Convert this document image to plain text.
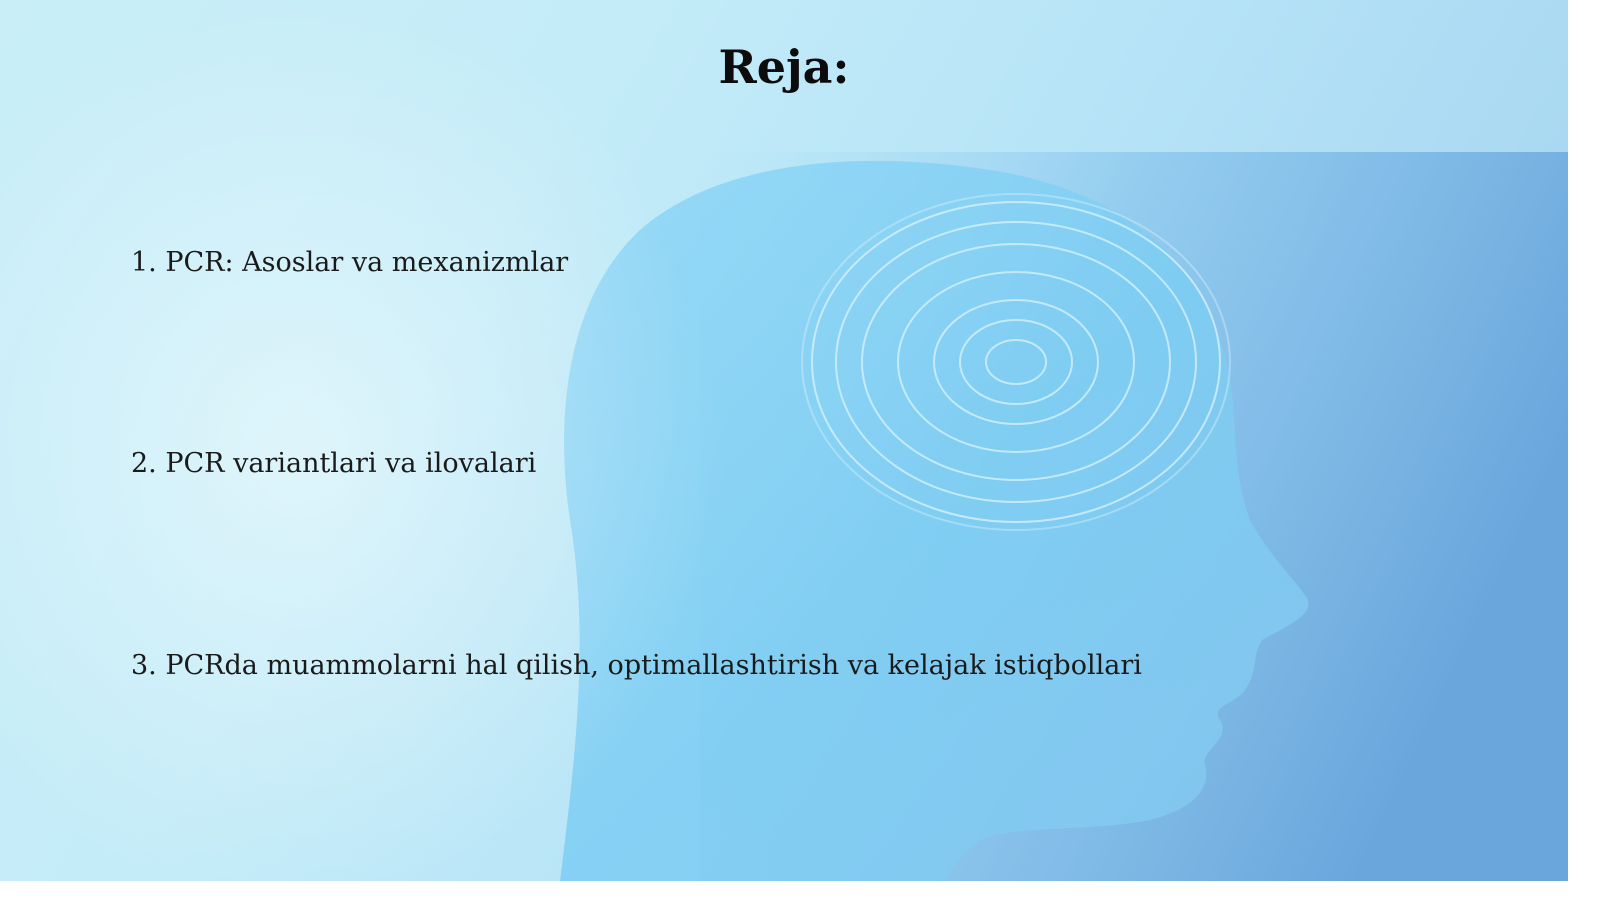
Reja:

1. PCR: Asoslar va mexanizmlar

2. PCR variantlari va ilovalari

3. PCRda muammolarni hal qilish, optimallashtirish va kelajak istiqbollari
